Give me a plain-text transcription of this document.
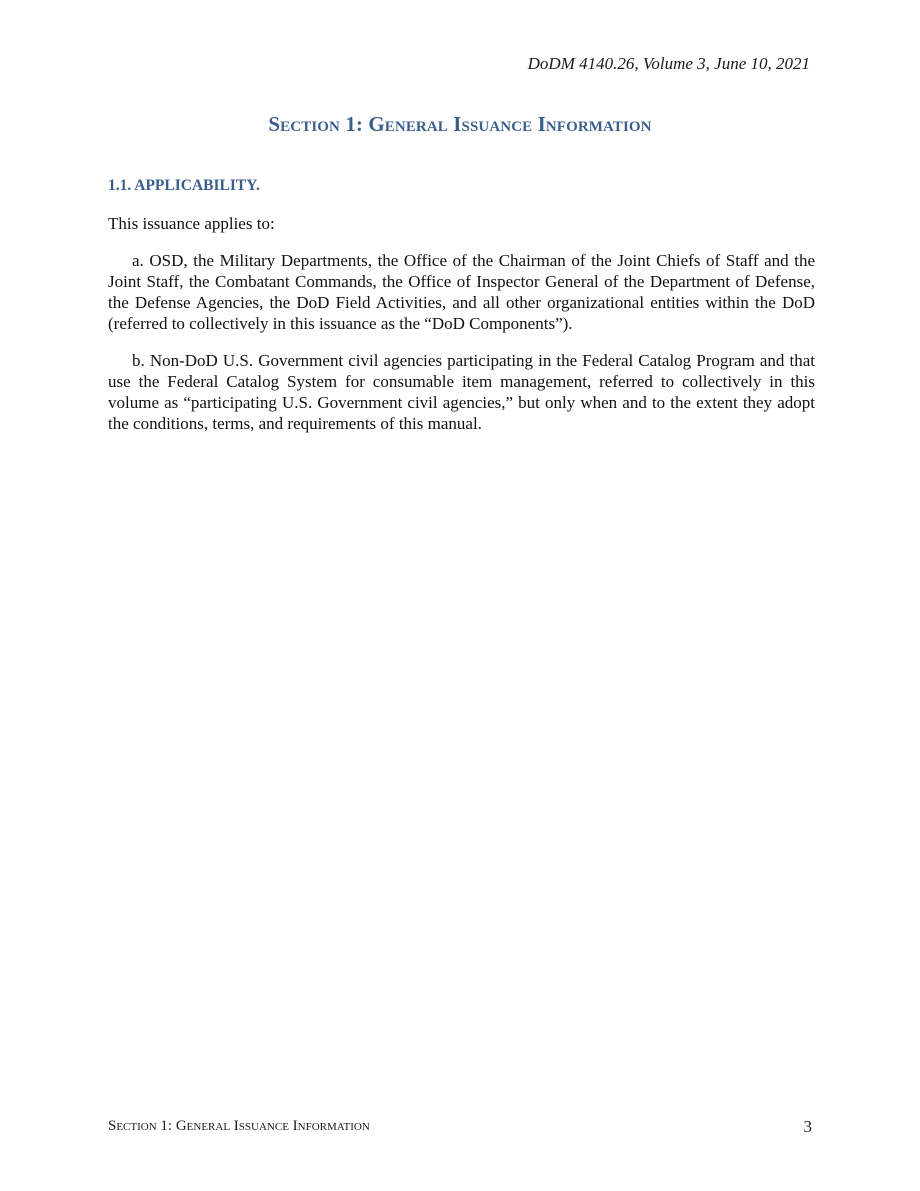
DoDM 4140.26, Volume 3, June 10, 2021
Section 1: General Issuance Information
1.1. APPLICABILITY.

This issuance applies to:

a. OSD, the Military Departments, the Office of the Chairman of the Joint Chiefs of Staff and the Joint Staff, the Combatant Commands, the Office of Inspector General of the Department of Defense, the Defense Agencies, the DoD Field Activities, and all other organizational entities within the DoD (referred to collectively in this issuance as the “DoD Components”).

b. Non-DoD U.S. Government civil agencies participating in the Federal Catalog Program and that use the Federal Catalog System for consumable item management, referred to collectively in this volume as “participating U.S. Government civil agencies,” but only when and to the extent they adopt the conditions, terms, and requirements of this manual.

Section 1: General Issuance Information	3
